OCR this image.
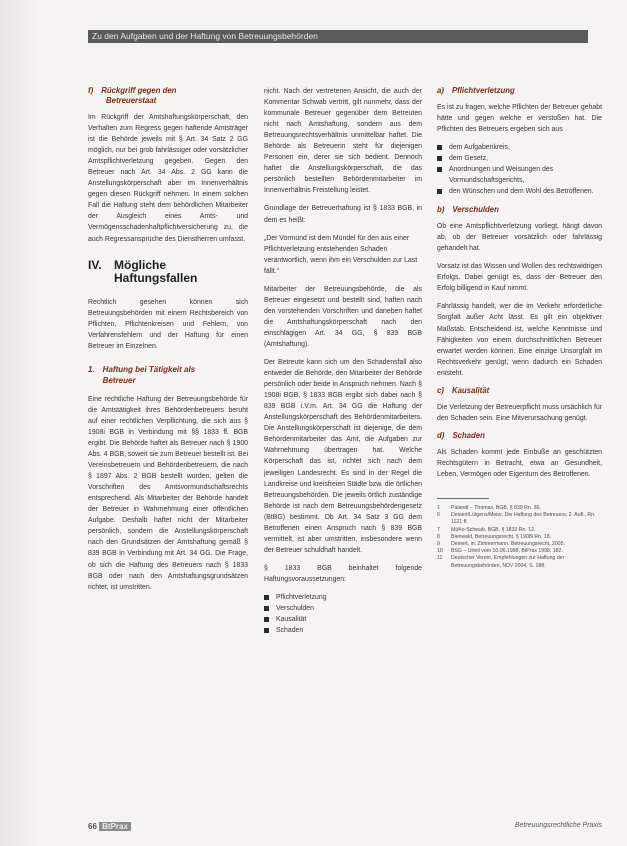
Zu den Aufgaben und der Haftung von Betreuungsbehörden
f) Rückgriff gegen den
Betreuerstaat

Im Rückgriff der Amtshaftungskörperschaft, den Verhalten zum Regress gegen haftende Amtsträger ist die Behörde jeweils mit § Art. 34 Satz 2 GG möglich, nur bei grob fahrlässiger oder vorsätzlicher Amtspflichtverletzung gegeben. Gegen den Betreuer nach Art. 34 Abs. 2 GG kann die Anstellungskörperschaft aber im Innenverhältnis gegen diesen Rückgriff nehmen. In einem solchen Fall die Haftung steht dem behördlichen Mitarbeiter der Ausgleich eines Amts- und Vermögensschadenhaftpflichtversicherung zu, die auch Regressansprüche des Dienstherren umfasst.

IV.	Mögliche
Haftungsfallen

Rechtlich gesehen können sich Betreuungsbehörden mit einem Rechtsbereich von Pflichten, Pflichtenkreisen und Fehlern, von Verfahrensfehlern und der Haftung für einen Betreuer im Einzelnen.

1. Haftung bei Tätigkeit als
Betreuer

Eine rechtliche Haftung der Betreuungsbehörde für die Amtstätigkeit ihres Behördenbetreuers beruht auf einer rechtlichen Verpflichtung, die sich aus § 1908i BGB in Verbindung mit §§ 1833 ff. BGB ergibt. Die Behörde haftet als Betreuer nach § 1900 Abs. 4 BGB, soweit sie zum Betreuer bestellt ist. Bei Vereinsbetreuern und Behördenbetreuern, die nach § 1897 Abs. 2 BGB bestellt wurden, gelten die Vorschriften des Amtsvormundschaftsrechts entsprechend. Als Mitarbeiter der Behörde handelt der Betreuer in Wahrnehmung einer öffentlichen Aufgabe. Deshalb haftet nicht der Mitarbeiter persönlich, sondern die Anstellungskörperschaft nach den Grundsätzen der Amtshaftung gemäß § 839 BGB in Verbindung mit Art. 34 GG. Die Frage, ob sich die Haftung des Betreuers nach § 1833 BGB oder nach den Amtshaftungsgrundsätzen richtet, ist umstritten.

nicht. Nach der vertretenen Ansicht, die auch der Kommentar Schwab vertritt, gilt nunmehr, dass der kommunale Betreuer gegenüber dem Betreuten nicht nach Amtshaftung, sondern aus dem Betreuungsrechtsverhältnis unmittelbar haftet. Die Behörde als Betreuerin steht für diejenigen Personen ein, derer sie sich bedient. Dennoch haftet die Anstellungskörperschaft, die das persönlich bestellten Behördenmitarbeiter im Innenverhältnis Freistellung leistet.

Grundlage der Betreuerhaftung ist § 1833 BGB, in dem es heißt:

„Der Vormund ist dem Mündel für den aus einer Pflichtverletzung entstehenden Schaden verantwortlich, wenn ihm ein Verschulden zur Last fällt.“

Mitarbeiter der Betreuungsbehörde, die als Betreuer eingesetzt und bestellt sind, haften nach den vorstehenden Vorschriften und daneben haftet die Amtshaftungskörperschaft nach den einschlägigen Art. 34 GG, § 839 BGB (Amtshaftung).

Der Betreute kann sich um den Schadensfall also entweder die Behörde, den Mitarbeiter der Behörde persönlich oder beide in Anspruch nehmen. Nach § 1908i BGB, § 1833 BGB ergibt sich dabei nach § 839 BGB i.V.m. Art. 34 GG die Haftung der Anstellungskörperschaft des Behördenmitarbeiters. Die Anstellungskörperschaft ist diejenige, die dem Behördenmitarbeiter das Amt, die Aufgaben zur Wahrnehmung übertragen hat. Welche Körperschaft das ist, richtet sich nach dem jeweiligen Landesrecht. Es sind in der Regel die Landkreise und kreisfreien Städte bzw. die örtlichen Betreuungsbehörden. Die jeweils örtlich zuständige Behörde ist nach dem Betreuungsbehördengesetz (BtBG) bestimmt. Ob Art. 34 Satz 3 GG dem Betroffenen einen Anspruch nach § 839 BGB vermittelt, ist aber umstritten, insbesondere wenn der Betreuer schuldhaft handelt.

§ 1833 BGB beinhaltet folgende Haftungsvoraussetzungen:

Pflichtverletzung
Verschulden
Kausalität
Schaden
a) Pflichtverletzung

Es ist zu fragen, welche Pflichten der Betreuer gehabt hätte und gegen welche er verstoßen hat. Die Pflichten des Betreuers ergeben sich aus

dem Aufgabenkreis,
dem Gesetz,
Anordnungen und Weisungen des Vormundschaftsgerichts,
den Wünschen und dem Wohl des Betroffenen.
b) Verschulden

Ob eine Amtspflichtverletzung vorliegt, hängt davon ab, ob der Betreuer vorsätzlich oder fahrlässig gehandelt hat.

Vorsatz ist das Wissen und Wollen des rechtswidrigen Erfolgs. Dabei genügt es, dass der Betreuer den Erfolg billigend in Kauf nimmt.

Fahrlässig handelt, wer die im Verkehr erforderliche Sorgfalt außer Acht lässt. Es gilt ein objektiver Maßstab. Entscheidend ist, welche Kenntnisse und Fähigkeiten von einem durchschnittlichen Betreuer erwartet werden können. Eine einzige Unsorgfalt im Rechtsverkehr genügt, wenn dadurch ein Schaden entsteht.

c) Kausalität

Die Verletzung der Betreuerpflicht muss ursächlich für den Schaden sein. Eine Mitverursachung genügt.

d) Schaden

Als Schaden kommt jede Einbuße an geschützten Rechtsgütern in Betracht, etwa an Gesundheit, Leben, Vermögen oder Eigentum des Betroffenen.

1	Palandt – Thomas, BGB, § 839 Rn. 36.
6	Deinert/Lütgens/Meier, Die Haftung des Betreuers, 2. Aufl., Rn. 1121 ff.
7	MüKo-Schwab, BGB, § 1833 Rn. 12.
8	Bienwald, Betreuungsrecht, § 1908i Rn. 18.
9	Deinert, in: Zimmermann, Betreuungsrecht, 2005.
10	BSG – Urteil vom 10.06.1998, BtPrax 1998, 182.
11	Deutscher Verein, Empfehlungen zur Haftung der Betreuungsbehörden, NDV 2004, S. 188.
66 BtPrax	Betreuungsrechtliche Praxis
